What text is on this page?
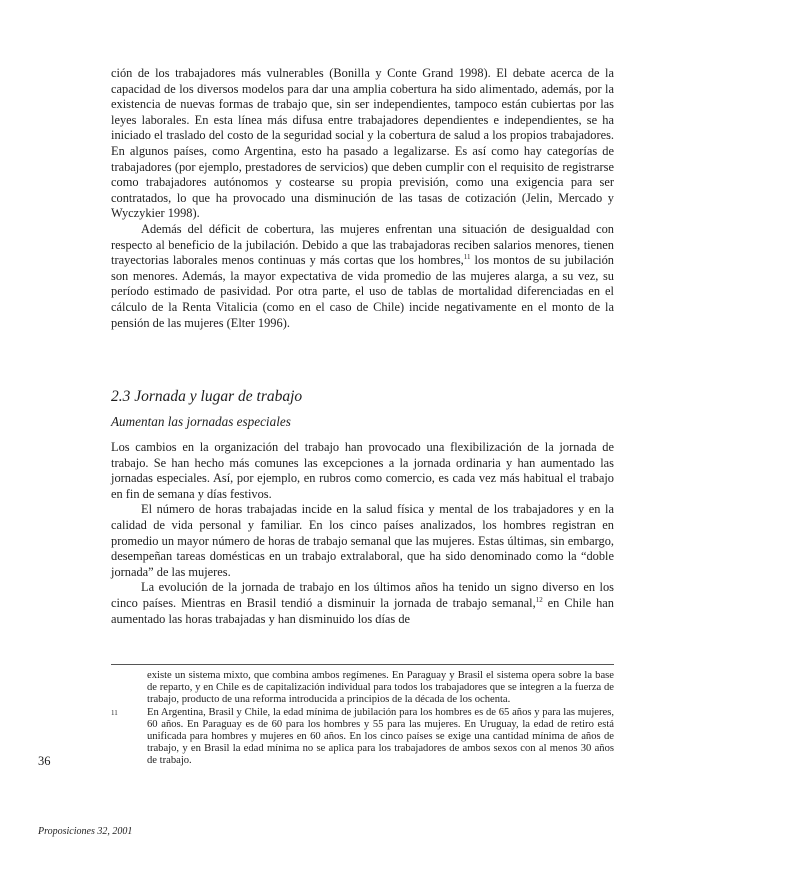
ción de los trabajadores más vulnerables (Bonilla y Conte Grand 1998). El debate acerca de la capacidad de los diversos modelos para dar una amplia cobertura ha sido alimentado, además, por la existencia de nuevas formas de trabajo que, sin ser independientes, tampoco están cubiertas por las leyes laborales. En esta línea más difusa entre trabajadores dependientes e independientes, se ha iniciado el traslado del costo de la seguridad social y la cobertura de salud a los propios trabajadores. En algunos países, como Argentina, esto ha pasado a legalizarse. Es así como hay categorías de trabajadores (por ejemplo, prestadores de servicios) que deben cumplir con el requisito de registrarse como trabajadores autónomos y costearse su propia previsión, como una exigencia para ser contratados, lo que ha provocado una disminución de las tasas de cotización (Jelin, Mercado y Wyczykier 1998).

Además del déficit de cobertura, las mujeres enfrentan una situación de desigualdad con respecto al beneficio de la jubilación. Debido a que las trabajadoras reciben salarios menores, tienen trayectorias laborales menos continuas y más cortas que los hombres,$^{11}$ los montos de su jubilación son menores. Además, la mayor expectativa de vida promedio de las mujeres alarga, a su vez, su período estimado de pasividad. Por otra parte, el uso de tablas de mortalidad diferenciadas en el cálculo de la Renta Vitalicia (como en el caso de Chile) incide negativamente en el monto de la pensión de las mujeres (Elter 1996).

2.3 Jornada y lugar de trabajo
Aumentan las jornadas especiales

Los cambios en la organización del trabajo han provocado una flexibilización de la jornada de trabajo. Se han hecho más comunes las excepciones a la jornada ordinaria y han aumentado las jornadas especiales. Así, por ejemplo, en rubros como comercio, es cada vez más habitual el trabajo en fin de semana y días festivos.

El número de horas trabajadas incide en la salud física y mental de los trabajadores y en la calidad de vida personal y familiar. En los cinco países analizados, los hombres registran en promedio un mayor número de horas de trabajo semanal que las mujeres. Estas últimas, sin embargo, desempeñan tareas domésticas en un trabajo extralaboral, que ha sido denominado como la “doble jornada” de las mujeres.

La evolución de la jornada de trabajo en los últimos años ha tenido un signo diverso en los cinco países. Mientras en Brasil tendió a disminuir la jornada de trabajo semanal,$^{12}$ en Chile han aumentado las horas trabajadas y han disminuido los días de

existe un sistema mixto, que combina ambos regímenes. En Paraguay y Brasil el sistema opera sobre la base de reparto, y en Chile es de capitalización individual para todos los trabajadores que se integren a la fuerza de trabajo, producto de una reforma introducida a principios de la década de los ochenta.

11	En Argentina, Brasil y Chile, la edad mínima de jubilación para los hombres es de 65 años y para las mujeres, 60 años. En Paraguay es de 60 para los hombres y 55 para las mujeres. En Uruguay, la edad de retiro está unificada para hombres y mujeres en 60 años. En los cinco países se exige una cantidad mínima de años de trabajo, y en Brasil la edad mínima no se aplica para los trabajadores de ambos sexos con al menos 30 años de trabajo.

36
Proposiciones 32, 2001
